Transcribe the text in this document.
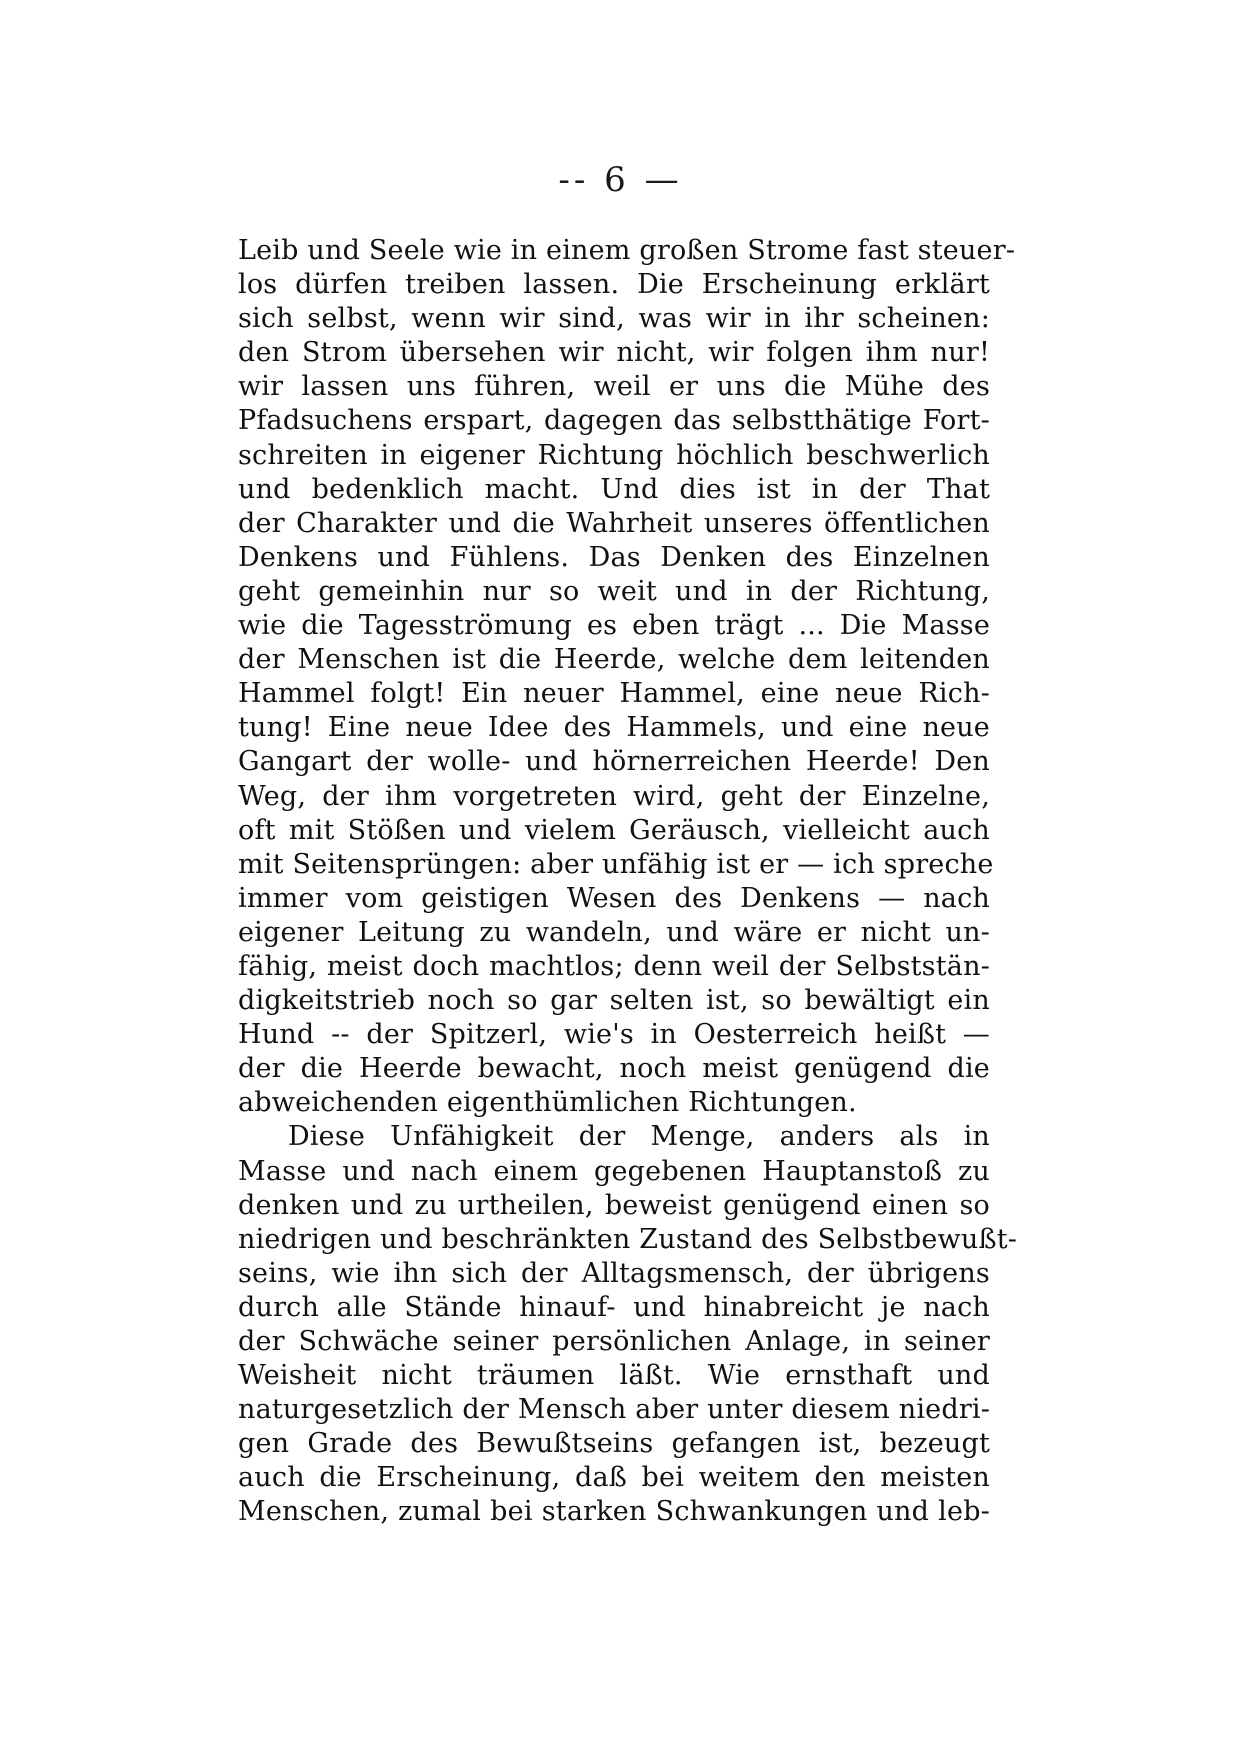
-- 6 —
Leib und Seele wie in einem großen Strome fast steuer-
los dürfen treiben lassen. Die Erscheinung erklärt
sich selbst, wenn wir sind, was wir in ihr scheinen:
den Strom übersehen wir nicht, wir folgen ihm nur!
wir lassen uns führen, weil er uns die Mühe des
Pfadsuchens erspart, dagegen das selbstthätige Fort-
schreiten in eigener Richtung höchlich beschwerlich
und bedenklich macht. Und dies ist in der That
der Charakter und die Wahrheit unseres öffentlichen
Denkens und Fühlens. Das Denken des Einzelnen
geht gemeinhin nur so weit und in der Richtung,
wie die Tagesströmung es eben trägt ... Die Masse
der Menschen ist die Heerde, welche dem leitenden
Hammel folgt! Ein neuer Hammel, eine neue Rich-
tung! Eine neue Idee des Hammels, und eine neue
Gangart der wolle- und hörnerreichen Heerde! Den
Weg, der ihm vorgetreten wird, geht der Einzelne,
oft mit Stößen und vielem Geräusch, vielleicht auch
mit Seitensprüngen: aber unfähig ist er — ich spreche
immer vom geistigen Wesen des Denkens — nach
eigener Leitung zu wandeln, und wäre er nicht un-
fähig, meist doch machtlos; denn weil der Selbststän-
digkeitstrieb noch so gar selten ist, so bewältigt ein
Hund -- der Spitzerl, wie's in Oesterreich heißt —
der die Heerde bewacht, noch meist genügend die
abweichenden eigenthümlichen Richtungen.
Diese Unfähigkeit der Menge, anders als in
Masse und nach einem gegebenen Hauptanstoß zu
denken und zu urtheilen, beweist genügend einen so
niedrigen und beschränkten Zustand des Selbstbewußt-
seins, wie ihn sich der Alltagsmensch, der übrigens
durch alle Stände hinauf- und hinabreicht je nach
der Schwäche seiner persönlichen Anlage, in seiner
Weisheit nicht träumen läßt. Wie ernsthaft und
naturgesetzlich der Mensch aber unter diesem niedri-
gen Grade des Bewußtseins gefangen ist, bezeugt
auch die Erscheinung, daß bei weitem den meisten
Menschen, zumal bei starken Schwankungen und leb-
